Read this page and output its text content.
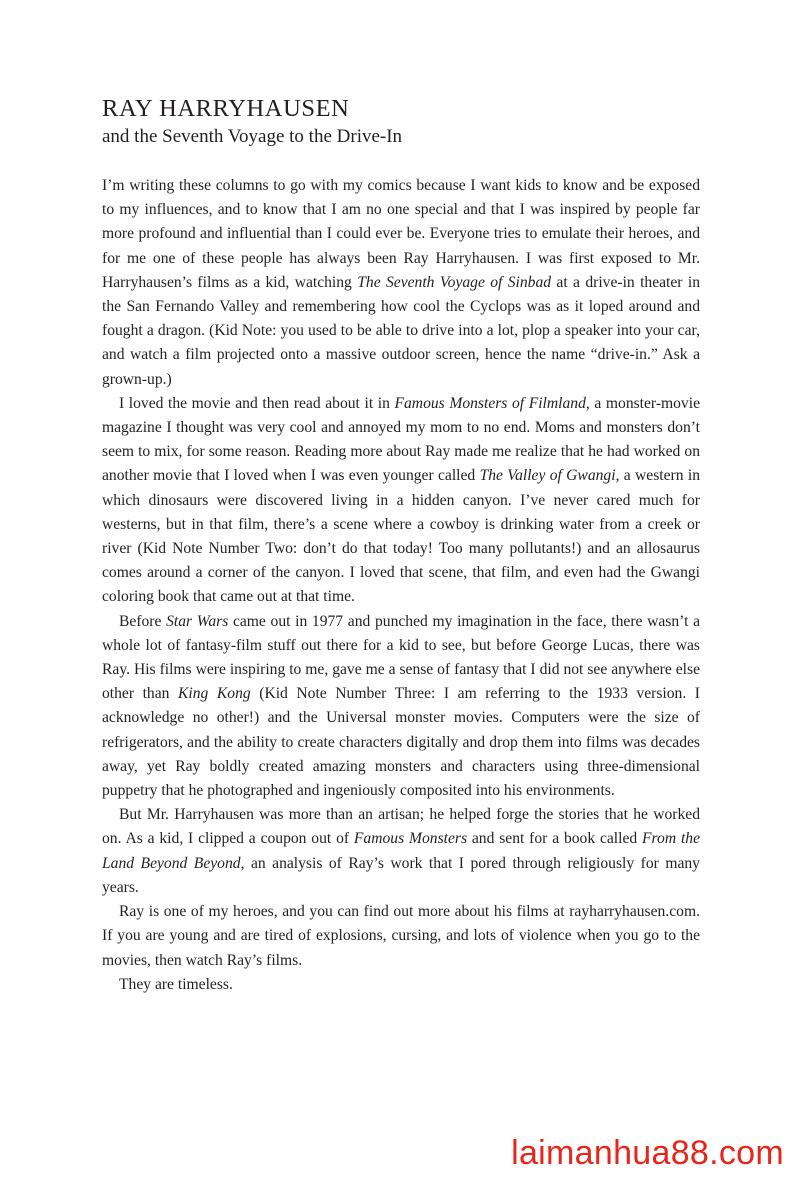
RAY HARRYHAUSEN
and the Seventh Voyage to the Drive-In

I’m writing these columns to go with my comics because I want kids to know and be exposed to my influences, and to know that I am no one special and that I was inspired by people far more profound and influential than I could ever be. Everyone tries to emulate their heroes, and for me one of these people has always been Ray Harryhausen. I was first exposed to Mr. Harryhausen’s films as a kid, watching The Seventh Voyage of Sinbad at a drive-in theater in the San Fernando Valley and remembering how cool the Cyclops was as it loped around and fought a dragon. (Kid Note: you used to be able to drive into a lot, plop a speaker into your car, and watch a film projected onto a massive outdoor screen, hence the name “drive-in.” Ask a grown-up.)

I loved the movie and then read about it in Famous Monsters of Filmland, a monster-movie magazine I thought was very cool and annoyed my mom to no end. Moms and monsters don’t seem to mix, for some reason. Reading more about Ray made me realize that he had worked on another movie that I loved when I was even younger called The Valley of Gwangi, a western in which dinosaurs were discovered living in a hidden canyon. I’ve never cared much for westerns, but in that film, there’s a scene where a cowboy is drinking water from a creek or river (Kid Note Number Two: don’t do that today! Too many pollutants!) and an allosaurus comes around a corner of the canyon. I loved that scene, that film, and even had the Gwangi coloring book that came out at that time.

Before Star Wars came out in 1977 and punched my imagination in the face, there wasn’t a whole lot of fantasy-film stuff out there for a kid to see, but before George Lucas, there was Ray. His films were inspiring to me, gave me a sense of fantasy that I did not see anywhere else other than King Kong (Kid Note Number Three: I am referring to the 1933 version. I acknowledge no other!) and the Universal monster movies. Computers were the size of refrigerators, and the ability to create characters digitally and drop them into films was decades away, yet Ray boldly created amazing monsters and characters using three-dimensional puppetry that he photographed and ingeniously composited into his environments.

But Mr. Harryhausen was more than an artisan; he helped forge the stories that he worked on. As a kid, I clipped a coupon out of Famous Monsters and sent for a book called From the Land Beyond Beyond, an analysis of Ray’s work that I pored through religiously for many years.

Ray is one of my heroes, and you can find out more about his films at rayharryhausen.com. If you are young and are tired of explosions, cursing, and lots of violence when you go to the movies, then watch Ray’s films.

They are timeless.

laimanhua88.com
